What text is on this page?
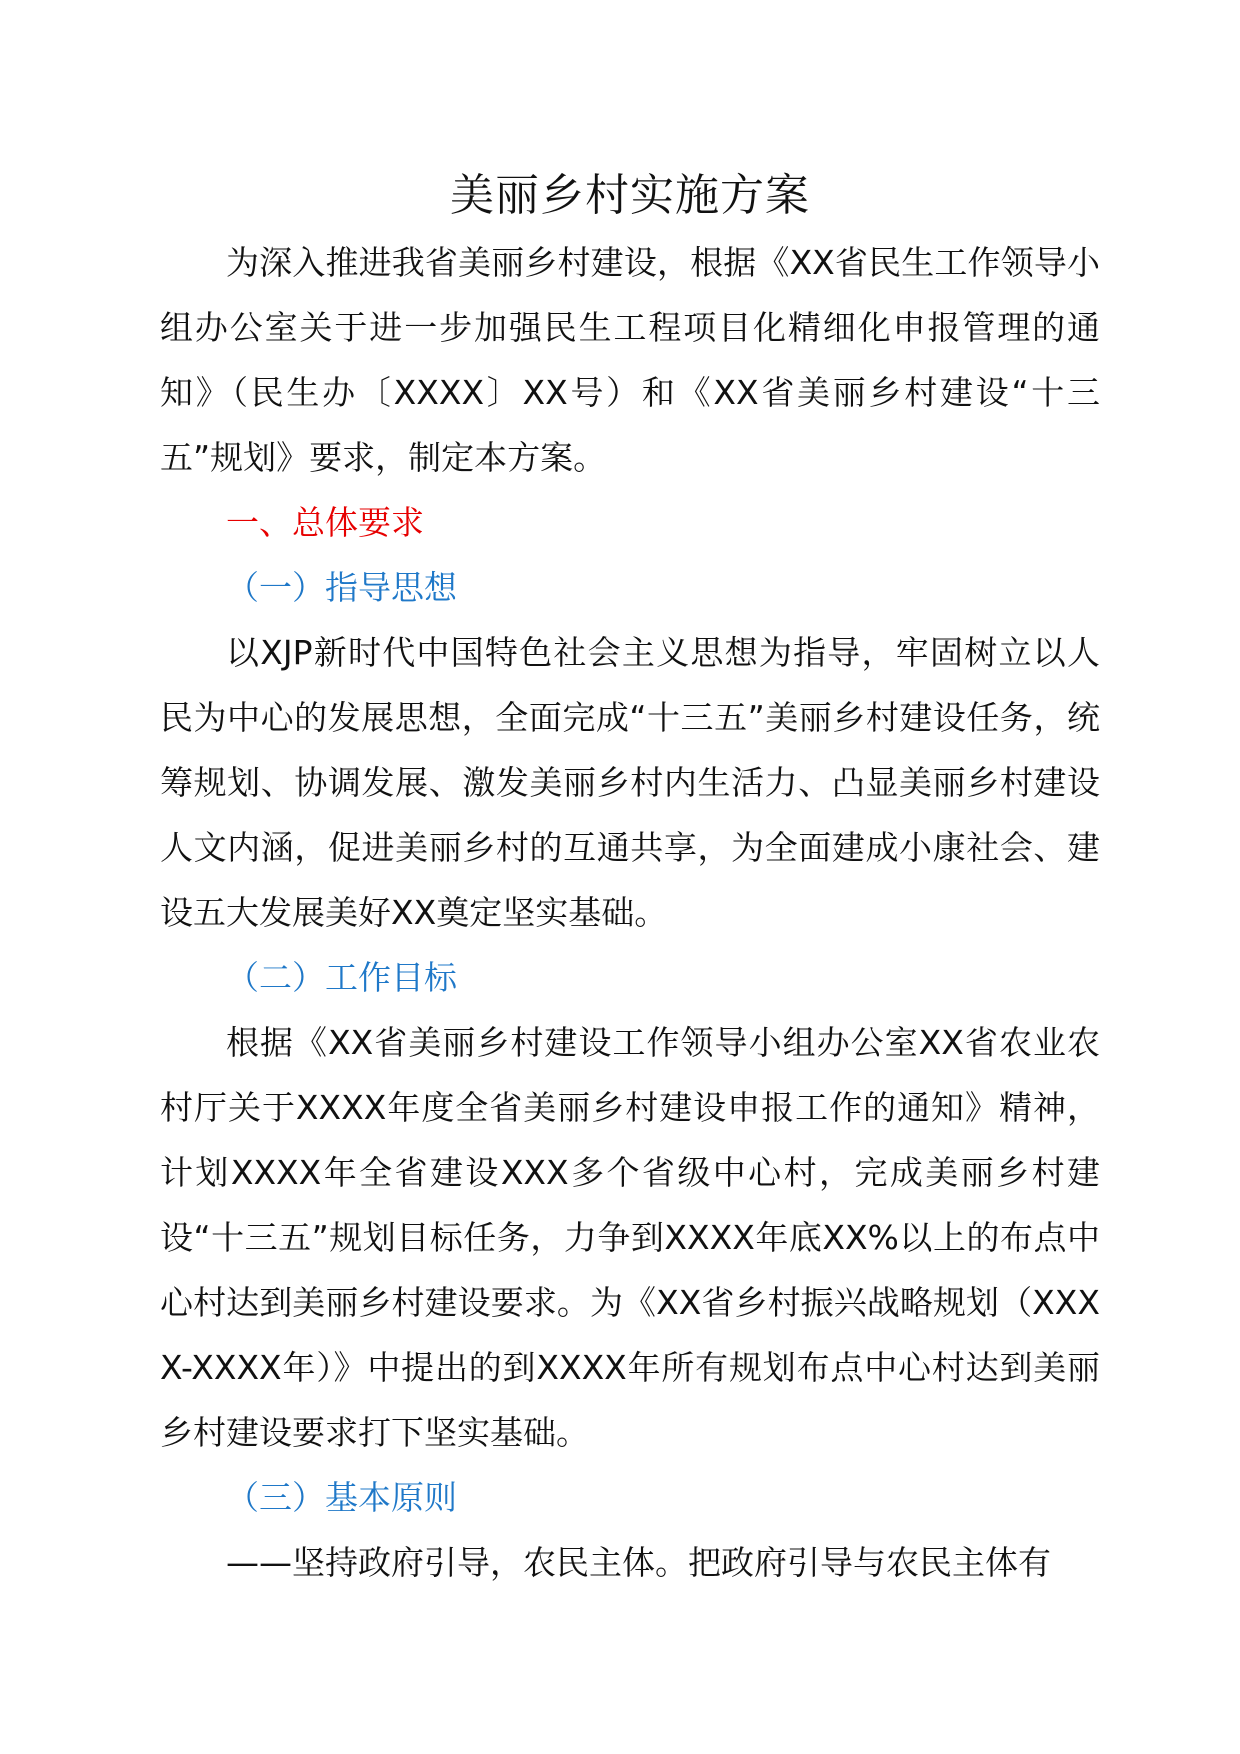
美丽乡村实施方案

为深入推进我省美丽乡村建设，根据《XX省民生工作领导小组办公室关于进一步加强民生工程项目化精细化申报管理的通知》（民生办〔XXXX〕XX号）和《XX省美丽乡村建设“十三五”规划》要求，制定本方案。

一、总体要求

（一）指导思想

以XJP新时代中国特色社会主义思想为指导，牢固树立以人民为中心的发展思想，全面完成“十三五”美丽乡村建设任务，统筹规划、协调发展、激发美丽乡村内生活力、凸显美丽乡村建设人文内涵，促进美丽乡村的互通共享，为全面建成小康社会、建设五大发展美好XX奠定坚实基础。

（二）工作目标

根据《XX省美丽乡村建设工作领导小组办公室XX省农业农村厅关于XXXX年度全省美丽乡村建设申报工作的通知》精神，计划XXXX年全省建设XXX多个省级中心村，完成美丽乡村建设“十三五”规划目标任务，力争到XXXX年底XX%以上的布点中心村达到美丽乡村建设要求。为《XX省乡村振兴战略规划（XXXX-XXXX年）》中提出的到XXXX年所有规划布点中心村达到美丽乡村建设要求打下坚实基础。

（三）基本原则

——坚持政府引导，农民主体。把政府引导与农民主体有
